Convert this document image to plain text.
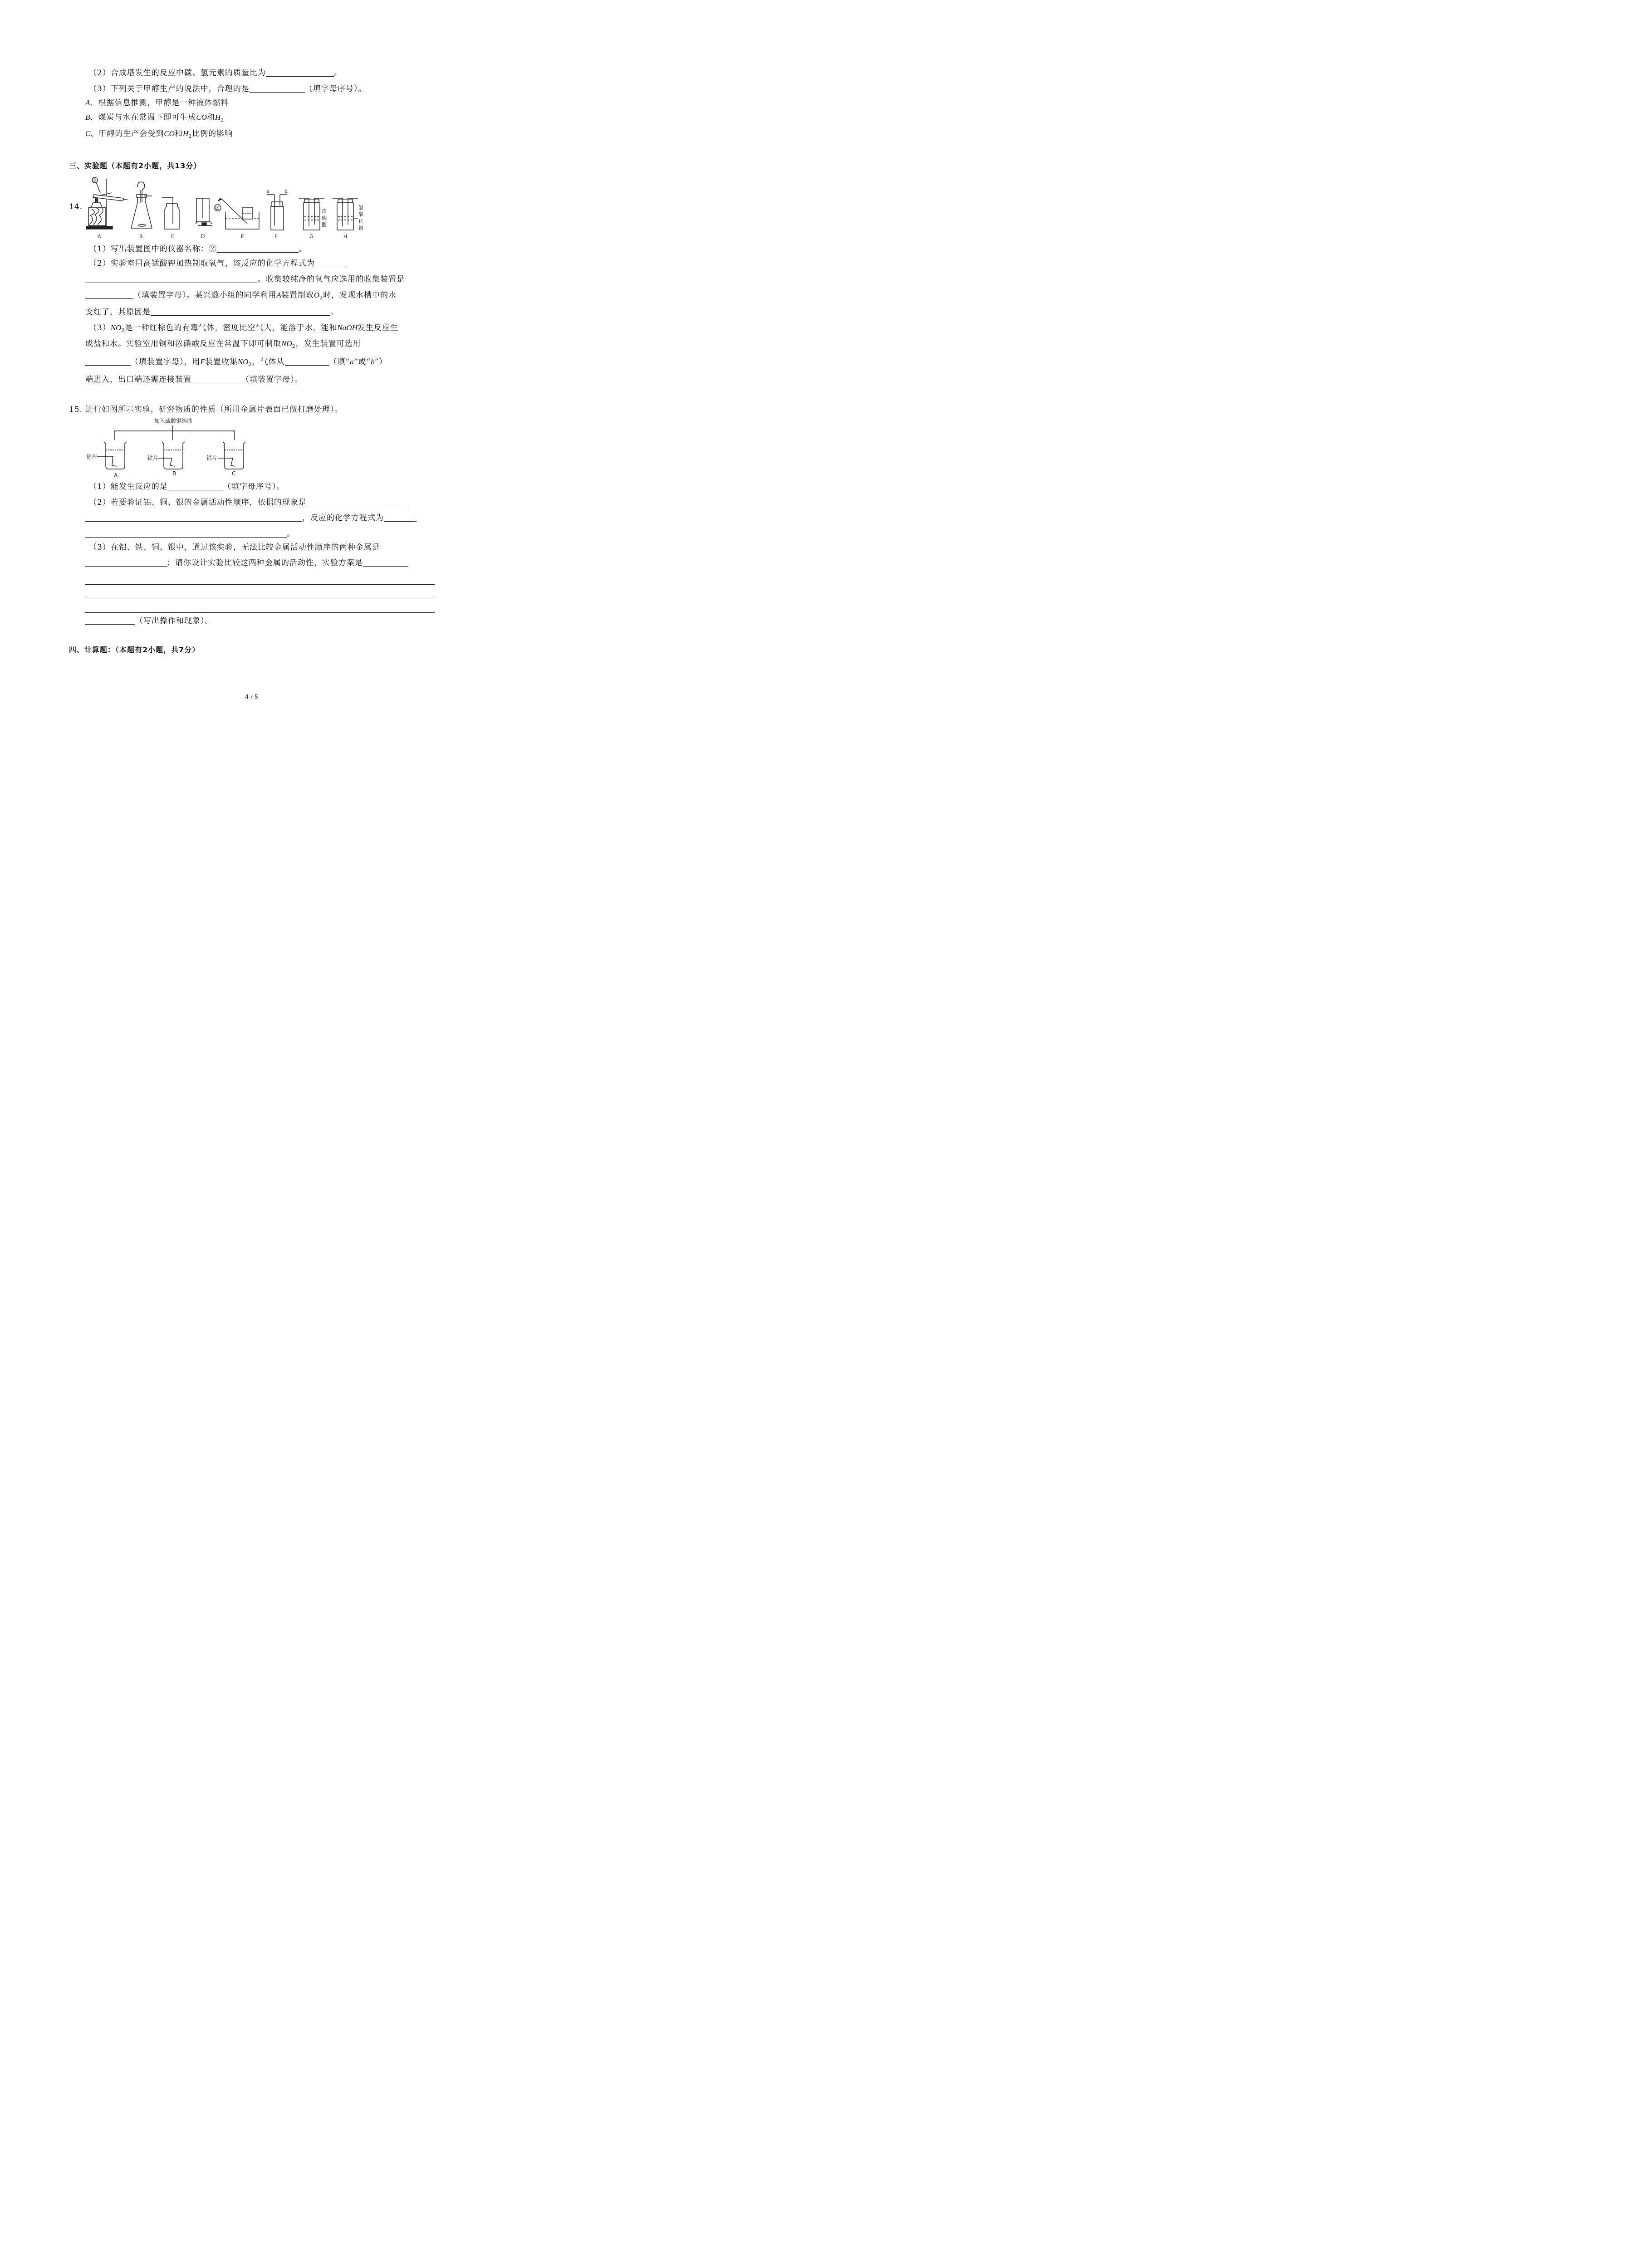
（2）合成塔发生的反应中碳、氢元素的质量比为	。
（3）下列关于甲醇生产的说法中，合理的是	（填字母序号）。
A、根据信息推测，甲醇是一种液体燃料
B、煤炭与水在常温下即可生成CO和$H_2$
C、甲醇的生产会受到CO和$H_2$比例的影响
三、实验题（本题有2小题，共13分）
14.
①
②
a	b
浓
硫
酸
氢
氧
化
钠
A	B	C	D	E	F	G	H
（1）写出装置图中的仪器名称：②	。
（2）实验室用高锰酸钾加热制取氧气，该反应的化学方程式为
。收集较纯净的氧气应选用的收集装置是
（填装置字母）。某兴趣小组的同学利用A装置制取$O_2$时，发现水槽中的水
变红了，其原因是	。
$(3)NO_2$是一种红棕色的有毒气体，密度比空气大，能溶于水，能和NaOH发生反应生
成盐和水。实验室用铜和浓硝酸反应在常温下即可制取$NO_2$，发生装置可选用
（填装置字母），用F装置收集$NO_2$，气体从	（填“a“或“b”）
端进入，出口端还需连接装置	（填装置字母）。
15. 进行如图所示实验，研究物质的性质（所用金属片表面已做打磨处理）。
加入硫酸铜溶液
铝片	铁片	银片
A	B	C
（1）能发生反应的是	（填字母序号）。
（2）若要验证铝、铜、银的金属活动性顺序，依据的现象是
，反应的化学方程式为
。
（3）在铝、铁、铜、银中，通过该实验，无法比较金属活动性顺序的两种金属是
；请你设计实验比较这两种金属的活动性，实验方案是
（写出操作和现象）。
四、计算题：（本题有2小题，共7分）
4 / 5
